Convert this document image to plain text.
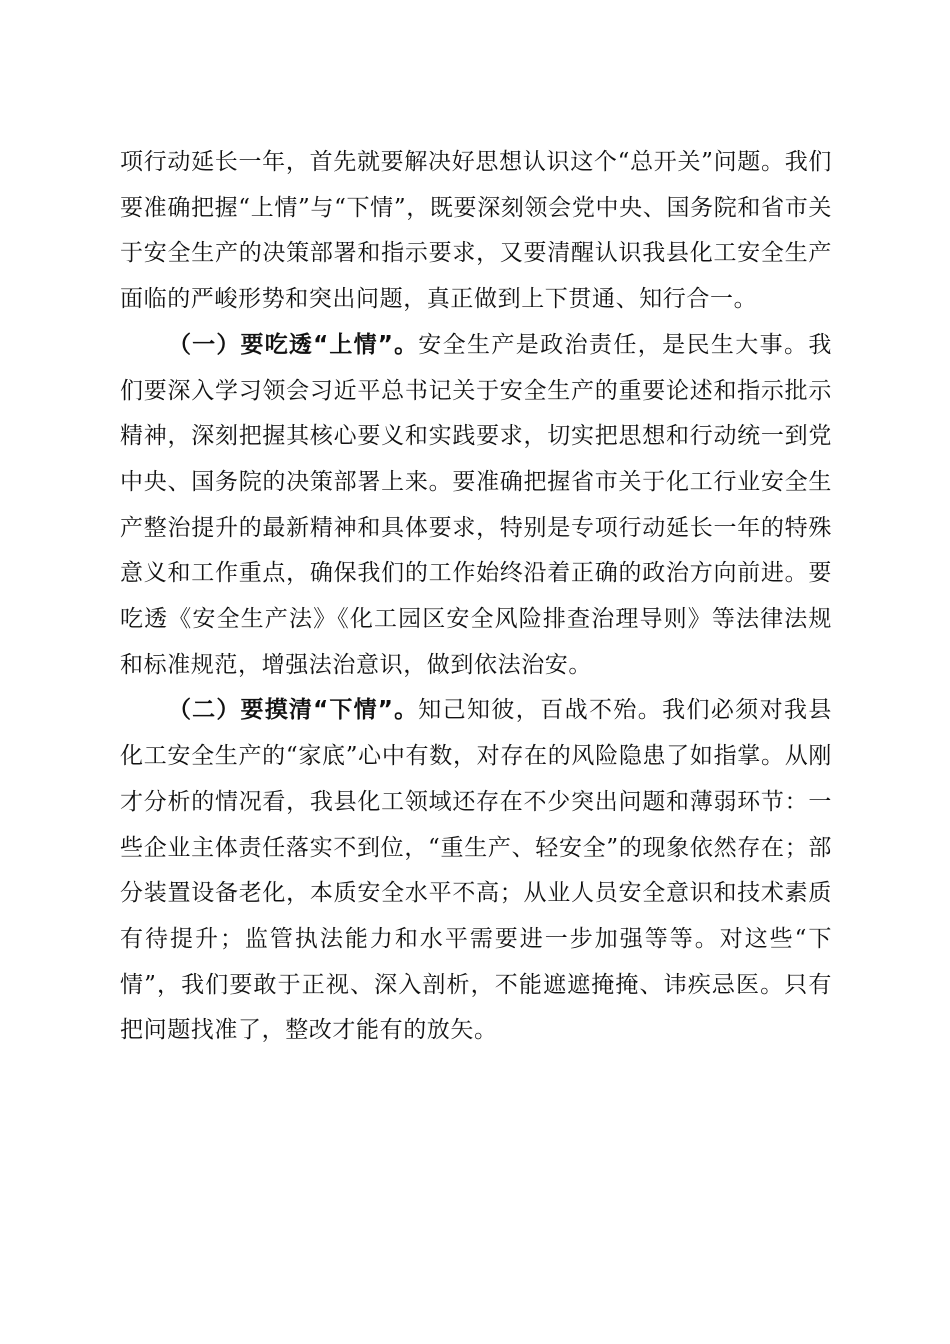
项行动延长一年，首先就要解决好思想认识这个“总开关”问题。我们要准确把握“上情”与“下情”，既要深刻领会党中央、国务院和省市关于安全生产的决策部署和指示要求，又要清醒认识我县化工安全生产面临的严峻形势和突出问题，真正做到上下贯通、知行合一。

（一）要吃透“上情”。安全生产是政治责任，是民生大事。我们要深入学习领会习近平总书记关于安全生产的重要论述和指示批示精神，深刻把握其核心要义和实践要求，切实把思想和行动统一到党中央、国务院的决策部署上来。要准确把握省市关于化工行业安全生产整治提升的最新精神和具体要求，特别是专项行动延长一年的特殊意义和工作重点，确保我们的工作始终沿着正确的政治方向前进。要吃透《安全生产法》《化工园区安全风险排查治理导则》等法律法规和标准规范，增强法治意识，做到依法治安。

（二）要摸清“下情”。知己知彼，百战不殆。我们必须对我县化工安全生产的“家底”心中有数，对存在的风险隐患了如指掌。从刚才分析的情况看，我县化工领域还存在不少突出问题和薄弱环节：一些企业主体责任落实不到位，“重生产、轻安全”的现象依然存在；部分装置设备老化，本质安全水平不高；从业人员安全意识和技术素质有待提升；监管执法能力和水平需要进一步加强等等。对这些“下情”，我们要敢于正视、深入剖析，不能遮遮掩掩、讳疾忌医。只有把问题找准了，整改才能有的放矢。
